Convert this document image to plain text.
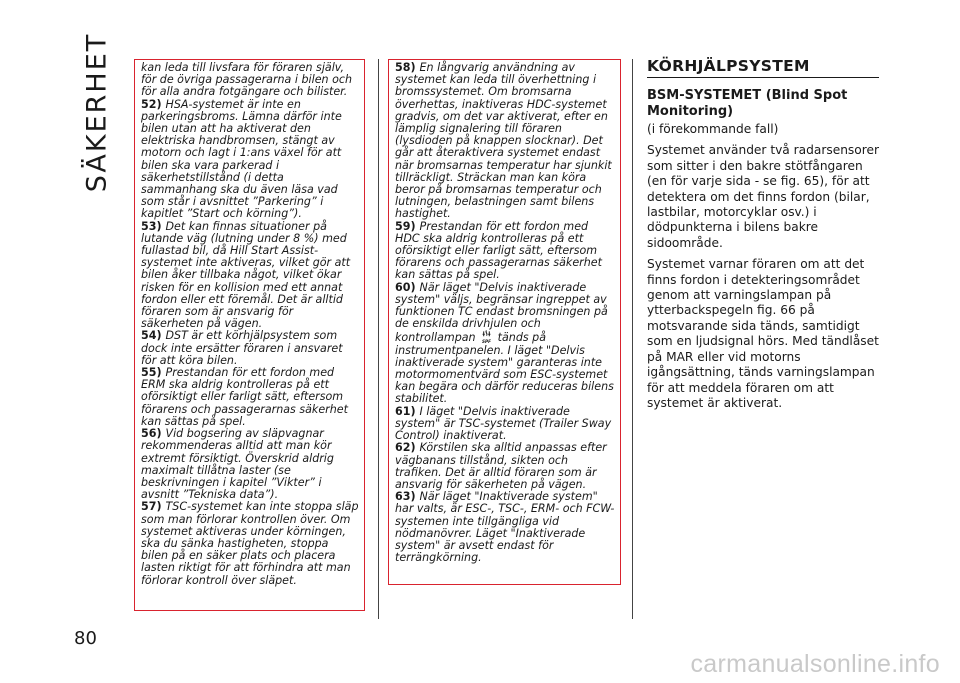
SÄKERHET
80

kan leda till livsfara för föraren själv, för de övriga passagerarna i bilen och för alla andra fotgängare och bilister.

52) HSA-systemet är inte en parkeringsbroms. Lämna därför inte bilen utan att ha aktiverat den elektriska handbromsen, stängt av motorn och lagt i 1:ans växel för att bilen ska vara parkerad i säkerhetstillstånd (i detta sammanhang ska du även läsa vad som står i avsnittet ”Parkering” i kapitlet ”Start och körning”).

53) Det kan finnas situationer på lutande väg (lutning under 8 %) med fullastad bil, då Hill Start Assist-systemet inte aktiveras, vilket gör att bilen åker tillbaka något, vilket ökar risken för en kollision med ett annat fordon eller ett föremål. Det är alltid föraren som är ansvarig för säkerheten på vägen.

54) DST är ett körhjälpsystem som dock inte ersätter föraren i ansvaret för att köra bilen.

55) Prestandan för ett fordon med ERM ska aldrig kontrolleras på ett oförsiktigt eller farligt sätt, eftersom förarens och passagerarnas säkerhet kan sättas på spel.

56) Vid bogsering av släpvagnar rekommenderas alltid att man kör extremt försiktigt. Överskrid aldrig maximalt tillåtna laster (se beskrivningen i kapitel ”Vikter” i avsnitt ”Tekniska data”).

57) TSC-systemet kan inte stoppa släp som man förlorar kontrollen över. Om systemet aktiveras under körningen, ska du sänka hastigheten, stoppa bilen på en säker plats och placera lasten riktigt för att förhindra att man förlorar kontroll över släpet.

58) En långvarig användning av systemet kan leda till överhettning i bromssystemet. Om bromsarna överhettas, inaktiveras HDC-systemet gradvis, om det var aktiverat, efter en lämplig signalering till föraren (lysdioden på knappen slocknar). Det går att återaktivera systemet endast när bromsarnas temperatur har sjunkit tillräckligt. Sträckan man kan köra beror på bromsarnas temperatur och lutningen, belastningen samt bilens hastighet.

59) Prestandan för ett fordon med HDC ska aldrig kontrolleras på ett oförsiktigt eller farligt sätt, eftersom förarens och passagerarnas säkerhet kan sättas på spel.

60) När läget "Delvis inaktiverade system" väljs, begränsar ingreppet av funktionen TC endast bromsningen på de enskilda drivhjulen och kontrollampan SPF tänds på instrumentpanelen. I läget "Delvis inaktiverade system" garanteras inte motormomentvärd som ESC-systemet kan begära och därför reduceras bilens stabilitet.

61) I läget "Delvis inaktiverade system" är TSC-systemet (Trailer Sway Control) inaktiverat.

62) Körstilen ska alltid anpassas efter vägbanans tillstånd, sikten och trafiken. Det är alltid föraren som är ansvarig för säkerheten på vägen.

63) När läget "Inaktiverade system" har valts, är ESC-, TSC-, ERM- och FCW-systemen inte tillgängliga vid nödmanövrer. Läget "Inaktiverade system" är avsett endast för terrängkörning.

KÖRHJÄLPSYSTEM
BSM-SYSTEMET (Blind Spot Monitoring)

(i förekommande fall)

Systemet använder två radarsensorer som sitter i den bakre stötfångaren (en för varje sida - se fig. 65), för att detektera om det finns fordon (bilar, lastbilar, motorcyklar osv.) i dödpunkterna i bilens bakre sidoområde.

Systemet varnar föraren om att det finns fordon i detekteringsområdet genom att varningslampan på ytterbackspegeln fig. 66 på motsvarande sida tänds, samtidigt som en ljudsignal hörs. Med tändlåset på MAR eller vid motorns igångsättning, tänds varningslampan för att meddela föraren om att systemet är aktiverat.

carmanualsonline.info
